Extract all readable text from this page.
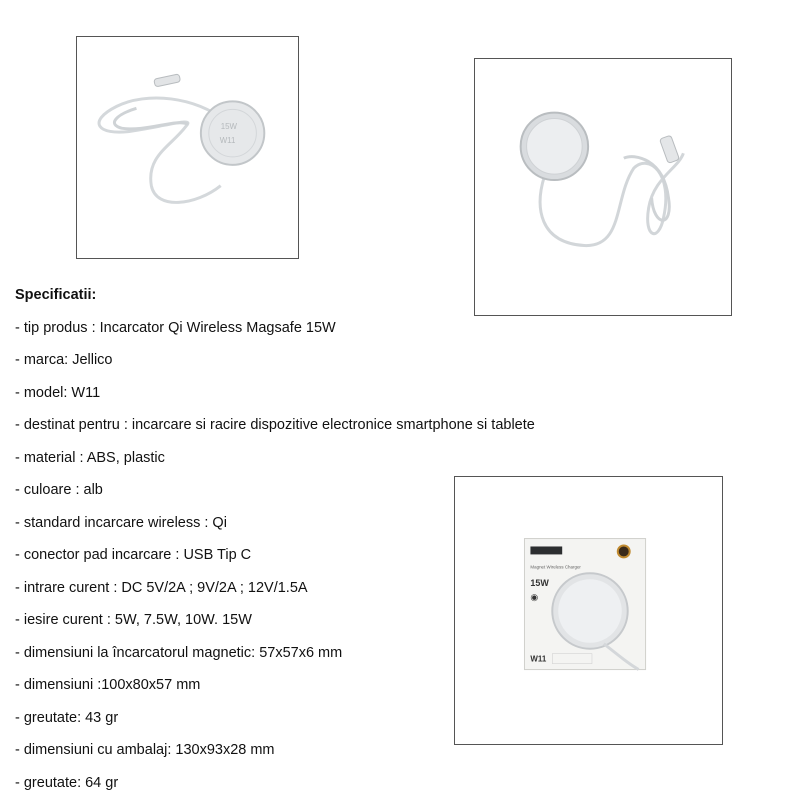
15W
W11
Magnet Wireless Charger
15W
◉
W11
Specificatii:
- tip produs : Incarcator Qi Wireless Magsafe 15W
- marca: Jellico
- model: W11
- destinat pentru : incarcare si racire dispozitive electronice smartphone si tablete
- material : ABS, plastic
- culoare : alb
- standard incarcare wireless : Qi
- conector pad incarcare : USB Tip C
- intrare curent : DC 5V/2A ; 9V/2A ; 12V/1.5A
- iesire curent : 5W, 7.5W, 10W. 15W
- dimensiuni la încarcatorul magnetic: 57x57x6 mm
- dimensiuni :100x80x57 mm
- greutate: 43 gr
- dimensiuni cu ambalaj: 130x93x28 mm
- greutate: 64 gr
